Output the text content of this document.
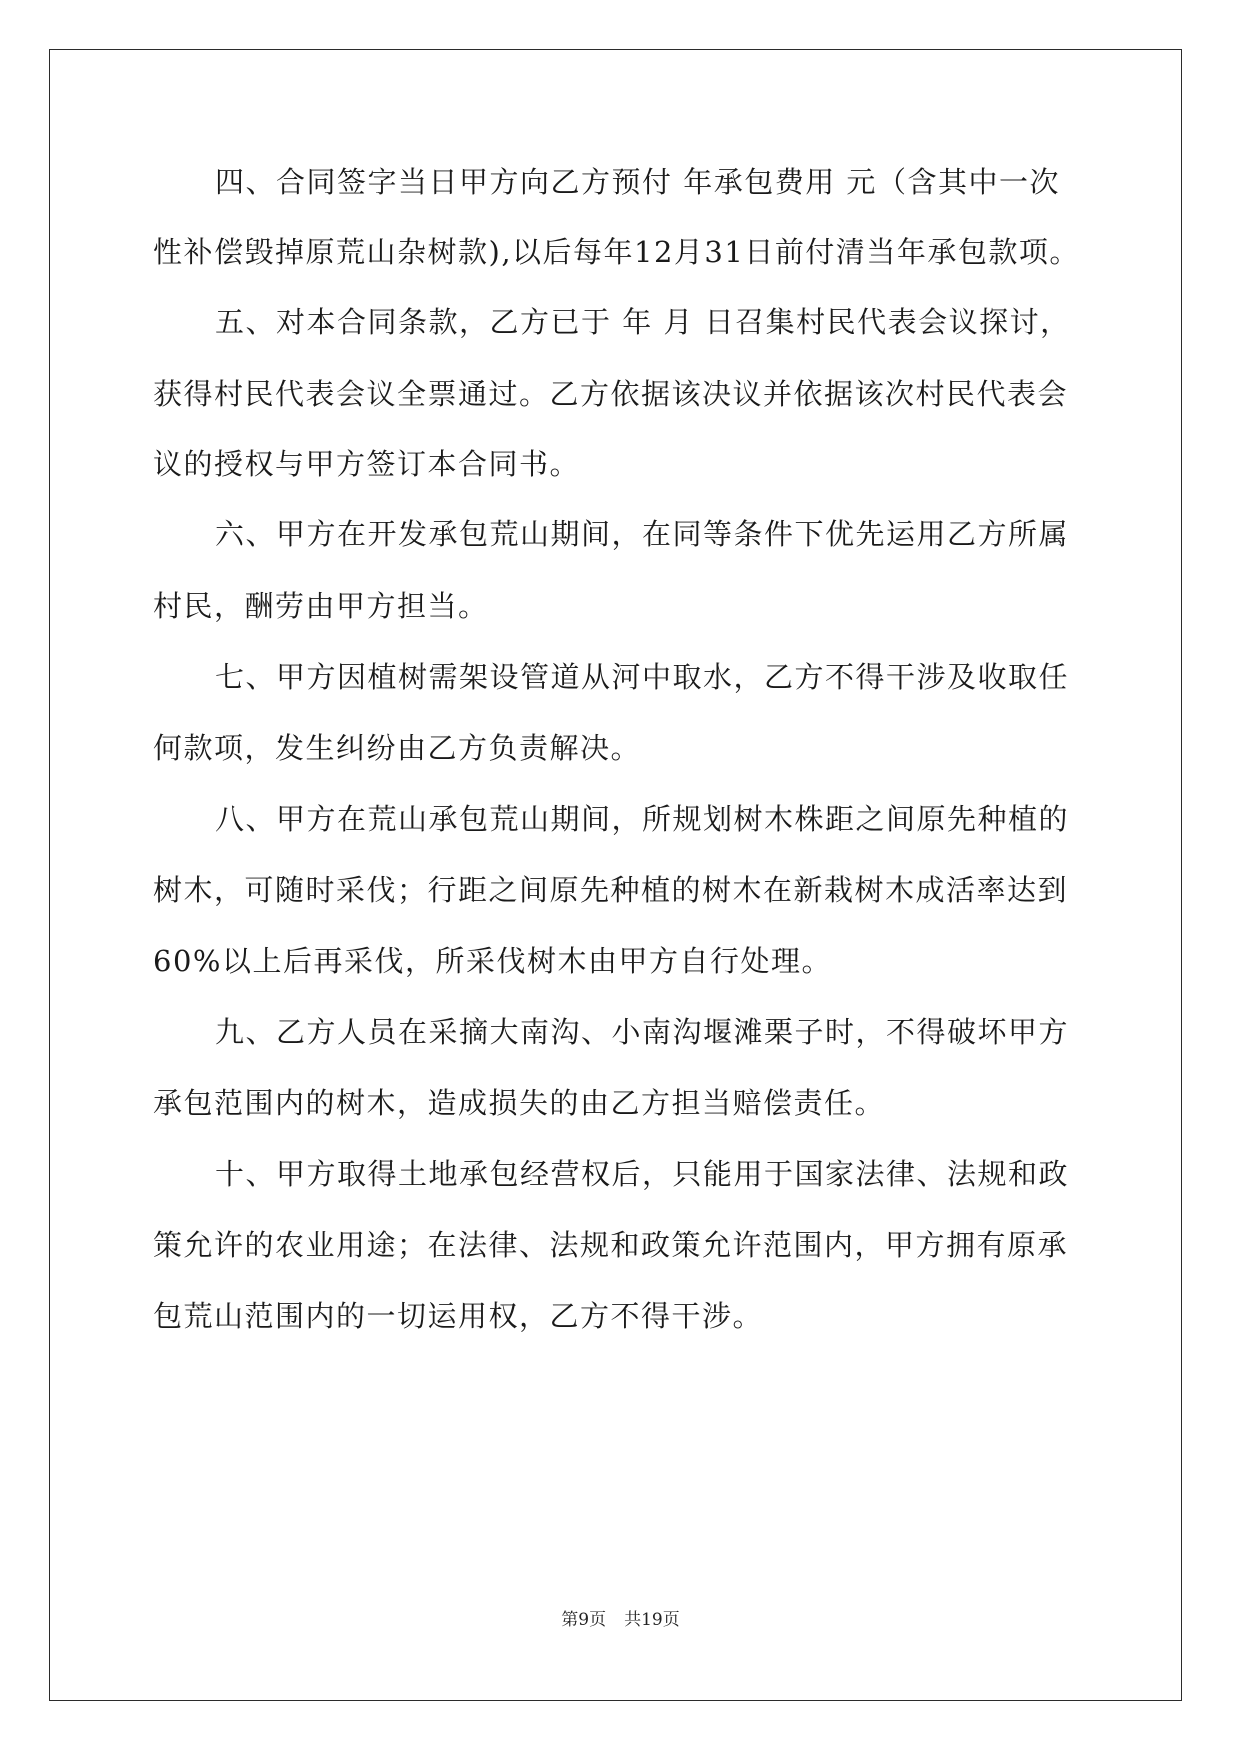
四、合同签字当日甲方向乙方预付 年承包费用 元（含其中一次
性补偿毁掉原荒山杂树款),以后每年12月31日前付清当年承包款项。
五、对本合同条款，乙方已于 年 月 日召集村民代表会议探讨，
获得村民代表会议全票通过。乙方依据该决议并依据该次村民代表会
议的授权与甲方签订本合同书。
六、甲方在开发承包荒山期间，在同等条件下优先运用乙方所属
村民，酬劳由甲方担当。
七、甲方因植树需架设管道从河中取水，乙方不得干涉及收取任
何款项，发生纠纷由乙方负责解决。
八、甲方在荒山承包荒山期间，所规划树木株距之间原先种植的
树木，可随时采伐；行距之间原先种植的树木在新栽树木成活率达到
60%以上后再采伐，所采伐树木由甲方自行处理。
九、乙方人员在采摘大南沟、小南沟堰滩栗子时，不得破坏甲方
承包范围内的树木，造成损失的由乙方担当赔偿责任。
十、甲方取得土地承包经营权后，只能用于国家法律、法规和政
策允许的农业用途；在法律、法规和政策允许范围内，甲方拥有原承
包荒山范围内的一切运用权，乙方不得干涉。
第9页 共19页
